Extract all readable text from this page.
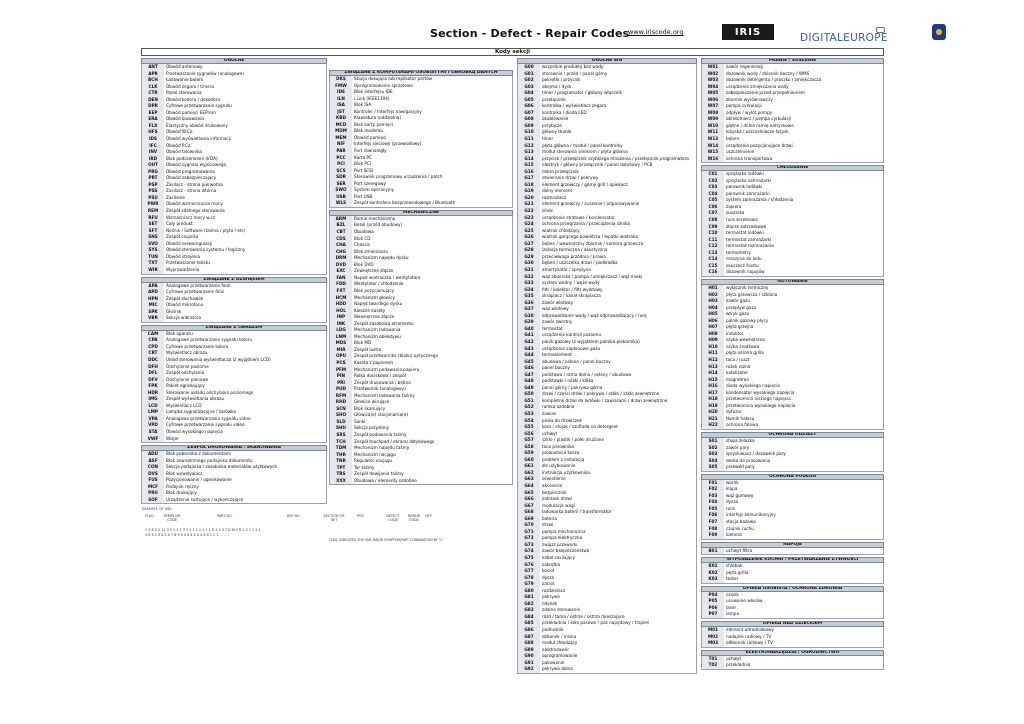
Section - Defect - Repair Codes
www.iriscode.org	IRIS	DIGITALEUROPE
Kody sekcji
OGÓLNE
ANT	Obwód antenowy
APR	Przetwarzanie sygnałów (analogowe)
BCH	Ładowanie baterii
CLK	Obwód zegara / timera
CTR	Panel sterowania
DEN	Obwód kodera / dekodera
DPR	Cyfrowe przetwarzanie sygnału
EEP	Obwód pamięci EEProm
ERA	Obwód kasowania
FLX	Elastyczny obwód drukowany
HFS	Obwód W.Cz.
IDS	Obwód wyświetlania informacji
IFC	Obwód P.Cz.
INV	Obwód falownika
IRD	Blok podczerwieni (IrDA)
OUT	Obwód sygnału wyjściowego
PRG	Obwód programowania
PRT	Obwód zabezpieczający
PSP	Zasilacz - strona pierwotna
PSS	Zasilacz - strona wtórna
PSU	Zasilanie
PWR	Obwód wzmacniacza mocy
REM	Zespół zdalnego sterowania
RFU	Wzmacniacz mocy w.cz
SET	Cały produkt
SFT	Nośnik / Software (taśma / płyta / etc)
SNS	Zespół czujnika
SVO	Obwód serworegulacji
SYS	Obwód sterowania systemu / logiczny
TUN	Obwód strojenia
TXT	Przetwarzanie tekstu
WIR	Wyprowadzenia
ZWIĄZANE Z DŹWIĘKIEM
APA	Analogowe przetwarzanie fonii
APD	Cyfrowe przetwarzanie fonii
HPN	Zespół słuchawek
MIC	Obwód mikrofonu
SPK	Głośnik
VBR	Sekcja wibratora
ZWIĄZANE Z OBRAZEM
CAM	Blok aparatu
CPA	Analogowe przetwarzanie sygnału koloru
CPD	Cyfrowe przetwarzanie koloru
CRT	Wyświetlacz obrazu
DDC	Układ sterowania wyświetlacza (z wyjątkiem LCD)
DFH	Odchylanie poziome
DFL	Zespół odchylania
DFV	Odchylanie pionowe
FPK	Pakiet ogniskujący
HDR	Sterowanie układu odchylania poziomego
IMG	Zespół wyświetlania obrazu
LCD	Wyświetlacz LCD
LMP	Lampka sygnalizacyjna / żarówka
VPA	Analogowe przetwarzanie sygnału video
VPD	Cyfrowe przetwarzanie sygnału video
STA	Obwód wysokiego napięcia
VWF	Wizjer
ZESPÓŁ DRUKOWANIA / SKANOWANIA
ADU	Blok pobornika z dokumentami
ASF	Blok zewnętrznego podajnika dokumentu
CON	Sekcja podajnika / zasobnika materiałów użytkowych
DVS	Blok wywoływacz
FUS	Pozycjonowanie / ogniskowanie
MCF	Podajnik ręczny
PRU	Blok drukujący
SOF	Urządzenie sortujące / wykończające
ZWIĄZANE Z KOMPUTERAMI OSOBISTYMI I OBRÓBKĄ DANYCH
DKS	Stacja dokująca lub replikator portów
FMW	Oprogramowanie sprzętowe
IDE	Blok interfejsu IDE
ILN	i.Link (IEEE1394)
ISA	Blok ISA
JST	Kontroler / Interfejs nawigacyjny
KBD	Klawiatura (oddzielna)
MCD	Blok karty pamięci
MDM	Blok modemu
MEM	Obwód pamięci
NIF	Interfejs sieciowy (przewodowy)
PAR	Port równoległy
PCC	Karta PC
PCI	Blok PCI
SCS	Port SCSI
SDR	Sterownik programowy urządzenia / patch
SER	Port szeregowy
SWO	System operacyjny
USB	Port USB
WLS	Zespół kontrolera bezprzewodowego / Bluetooth
MECHANICZNE
ARM	Ramie mechanizmu
BZL	Bezel (przód obudowy)
CBT	Obudowa
CDS	Blok CD
CHA	Chassis
CHG	Blok zmieniacza
DRM	Mechanizm napędu dysku
DVD	Blok DVD
EXC	Zewnętrzne złącze
FAN	Napęd wiatraczka / wentylatora
FDD	Wentylator / chłodzenie
FXT	Blok pozycjonujący
HCM	Mechanizm głowicy
HDD	Napęd twardego dysku
HOL	Kieszeń kasety
INP	Wewnętrzne złącze
INK	Zespół zasobnika atramentu
LDG	Mechanizm ładowania
LNM	Mechanizm obiektywu
MDS	Blok MD
MIR	Zespół lustro
OPU	Zespół przetwornika (bloku) optycznego
PCS	Kaseta z papierem
PFM	Mechanizm podawania papieru
PIN	Rolka dociskowa / zespół
PRI	Zespół drukowania / bębna
PUD	Przetwornik (analogowy)
RFM	Mechanizm ładowania taśmy
RHD	Głowice wirujące
SCN	Blok skanujący
SHO	Głowica(e) stacjonarna(e)
SLD	Sanki
SHU	Sekcja przysłony
SRS	Zespół podawania taśmy
TCH	Zespół touchpad / ekranu dotykowego
TDM	Mechanizm napędu taśmy
THR	Mechanizm nacjągu
TNR	Regulator nacjągu
TPT	Tor taśmy
TRS	Zespół dowijania taśmy
XXX	Obudowa / elementy ozdobne
OGÓLNE WG
G00	wszystkie produkty bez wady
G01	sterownia / przód / panel górny
G02	pokrętło / przycisk
G03	obejma / dysk
G04	timer / programator / główny włącznik
G05	przełącznik
G06	kontrolka / wyświetlacz zegara
G07	kontrolka / dioda LED
G08	okablowanie
G09	przyłącze
G10	główny tłumik
G11	timer
G12	płyta główna / moduł / panel kontrolny
G13	moduł sterownia silnikiem / płyta główna
G14	przycisk / przełącznik szybkiego mnożenia / przełącznik programatora
G15	elektryk / główny przełącznik / panel dotykowy / PCB
G16	mikro przełącznik
G17	otwieranie drzwi / pokrywy
G18	element grzewczy / górny grill / opiekacz
G19	dolny element
G20	rozmrażacz
G21	element grzewczy / suszenie / odparowywanie
G22	silnik
G23	urządzenie stratowe / kondensator
G24	ochrona przegrzania / przeciążenia silnika
G25	wiatrak chłodzący
G26	wiatrak gorącego powietrza / łopatki wiatraka
G27	bęben / wewnętrzny zbiornik / komora grzewcza
G28	izolacja termiczna / akustyczna
G29	przeciwwaga przódnia / prawa
G30	bęben / uszczelka drzwi / podkładka
G31	amortyzator / sprężyna
G32	wąż zbiornika / pompa / zmiękczacz / wąż mieki
G33	system wodny / węże wody
G34	filtr / kolektor / filtr wylotowy
G35	skraplacz / kanał skraplacza
G36	zawór wlotowy
G37	wąż wlotowy
G38	odprowadzanie wody / wąż odprowadzający / rurę
G39	zawór zwrotny
G40	termostat
G41	urządzenie kontroli poziomu
G42	panik gazowy (z wyjątkiem palnika piekarnika)
G43	urządzenie zapłonowe gazu
G44	termoelement
G45	obudowa / osłona / panel boczny
G46	panel boczny
G47	podstawa / rama dolna / osłony / obudowa
G48	podstawki / nóżki / kółka
G49	panel górny / pokrywa górna
G50	drzwi / części drzwi / pokrywa / szkło / szkło zewnętrzne
G51	kompletne drzwi do lodówki / zawiasami / drzwi zewnętrzne
G52	ramka ozdobna
G53	zawias
G54	pinka do drzwiczek
G55	kosz / stojak / szuflada na detergent
G56	uchwyt
G57	szkło / plastik / półki drużiane
G58	taca parownika
G59	prowadnice kosza
G60	problem z instalacją
G61	złe użytkowanie
G62	instrukcja użytkownika
G63	oświetlenie
G64	akcesoria
G65	bezpiecznik
G66	zatrzask drzwi
G67	modulacja wagi
G68	ładowarka baterii / transformator
G69	bateria
G70	drzwi
G71	pompa mechaniczna
G72	pompa elektryczna
G73	związz przewodu
G74	zawór bezpieczeństwa
G75	kabel zasilający
G76	zakrętka
G77	kocioł
G78	dysza
G79	zacisk
G80	rozdzielacz
G81	pokrywa
G82	młynek
G83	zdalne sterowanie
G84	rózd / tarka / ostrze / ostrza mieszające
G85	przekładnia / koło pasowe / pas napędowy / trzpień
G86	podnośnik
G87	dzbanek / miska
G88	moduł chłodzący
G89	elektrozawór
G90	oprogramowanie
G91	pakowanie
G92	pokrywa dolna
PRANIE / SUSZENIE
W01	zawór regeneracji
W02	dozownik wody / zbiornik boczny / WMS
W03	dozownik detergentu / proszku / zmiękczacza
W04	urządzenie zmiękczania wody
W05	zabezpieczenie przed przepełnieniem
W06	zbiornik wyrównawczy
W07	pompa cyrkulacji
W08	odpływ / wylot pompy
W09	obrotomierz / pompa cyrkulacji
W10	giętne / dolne ramię natryskowe
W11	łożyska / uszczelniacze łożysk
W13	bęben
W14	urządzenia pozycjonujące drzwi
W15	uszczelnienie
W16	ochrona transportowa
CHŁODZENIE
C01	sprężarka lodówki
C02	sprężarka zamrażarki
C03	parownik lodówki
C04	parownik zamrażarki
C05	system zamrażania / chłodzenia
C06	zapiera
C07	suszarka
C08	rura serwisowa
C09	złącze zatrzaskowe
C10	termostat lodówki
C11	termostat zamrażarki
C12	termostat rozmrażania
C13	termometry
C14	maszyna do lodu
C15	osuszacz ślustu
C16	dozownik napojów
GOTOWANIE
H01	wyłącznik termiczny
H02	płyta grzewcza / szklana
H03	zawór gazu
H04	przepływ gazu
H05	wtryk gazu
H06	palnik gazowy płycy
H07	płyta grzejna
H08	induktor
H09	szyba wewnętrzna
H10	szyba środkowa
H11	płyta ośrona grilla
H12	taca / ruszt
H13	rożek rożna
H14	katalizator
H15	magnetron
H16	dioda wysokiego napięcia
H17	kondensator wysokiego napięcia
H18	przetwornica niskiego napięcia
H19	przetwornica wysokiego napięcia
H20	dyfuzor
H21	tłumik hałasu
H22	ochrona falowa
OCHRONA ODZIEŻY
S01	stopa żelazka
S02	zawór pary
S03	spryskiwacz / dozownik pary
S04	deska do prasowania
S05	przewód pary
OCHRONA PODŁOG
F01	worek
F02	klapa
F03	wąż gumowy
F04	dysza
F05	rura
F06	interfejs komunikacyjny
F07	stacja bazowa
F08	czujnik ruchu
F09	kamera
NAPOJE
B01	uchwyt filtra
WYPOSAŻENIE KUCHNI / PRZETWARZANIE ŻYWNOŚCI
K01	chlebak
K02	płyta grilla
K03	toster
OPIEKA OSOBISTA / OCHRONA ZDROWIA
P04	częsik
P05	usuwanie włosów
P06	laser
P07	lampa
OPIEKA NAD DZIECKIEM
M01	element udradniekowy
M02	nadajnik radiowy / TV
M03	odbiornik radiowy / TV
ELEKTRONARZĘDZIA / OGRODNICTWO
T01	uchwyt
T02	przekładnia
EXAMPLE OF USE:
FLAG	SYMPTOM CODE
PART NO.	REF NO	SECTION OR SET
PCB	DEFECT CODE
REPAIR CODE
QTY
1 3 8 5 2 11 3 5 1 1 1 3 1 1 1 1 1 1 1 1 R 1 2 3 T D M Y R 2 2 1 1 2 1
3 6 4 1 3 4 5 6 7 8 9 0 4 4 4 4 4 4 4 8 1 1 1 . . . . .
FLAG: INDICATES THE ONE MAJOR SYMPTOM/PART COMBINATION BY "1"
